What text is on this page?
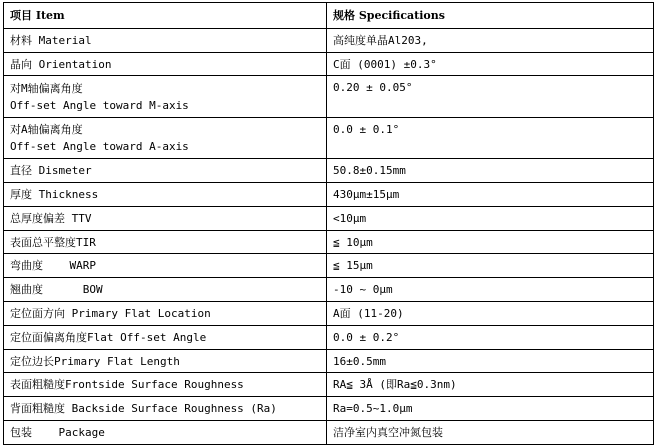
项目 Item	规格 Specifications
材料 Material	高纯度单晶Al203,
晶向 Orientation	C面 (0001) ±0.3°

对M轴偏离角度
Off-set Angle toward M-axis	0.20 ± 0.05°

对A轴偏离角度
Off-set Angle toward A-axis	0.0 ± 0.1°
直径 Dismeter	50.8±0.15mm
厚度 Thickness	430μm±15μm
总厚度偏差 TTV	<10μm
表面总平整度TIR	≦ 10μm
弯曲度    WARP	≦ 15μm
翘曲度      BOW	-10 ~ 0μm
定位面方向 Primary Flat Location	A面 (11-20)
定位面偏离角度Flat Off-set Angle	0.0 ± 0.2°
定位边长Primary Flat Length	16±0.5mm
表面粗糙度Frontside Surface Roughness	RA≦ 3Å (即Ra≦0.3nm)
背面粗糙度 Backside Surface Roughness (Ra)	Ra=0.5~1.0μm
包装    Package	洁净室内真空冲氮包装
